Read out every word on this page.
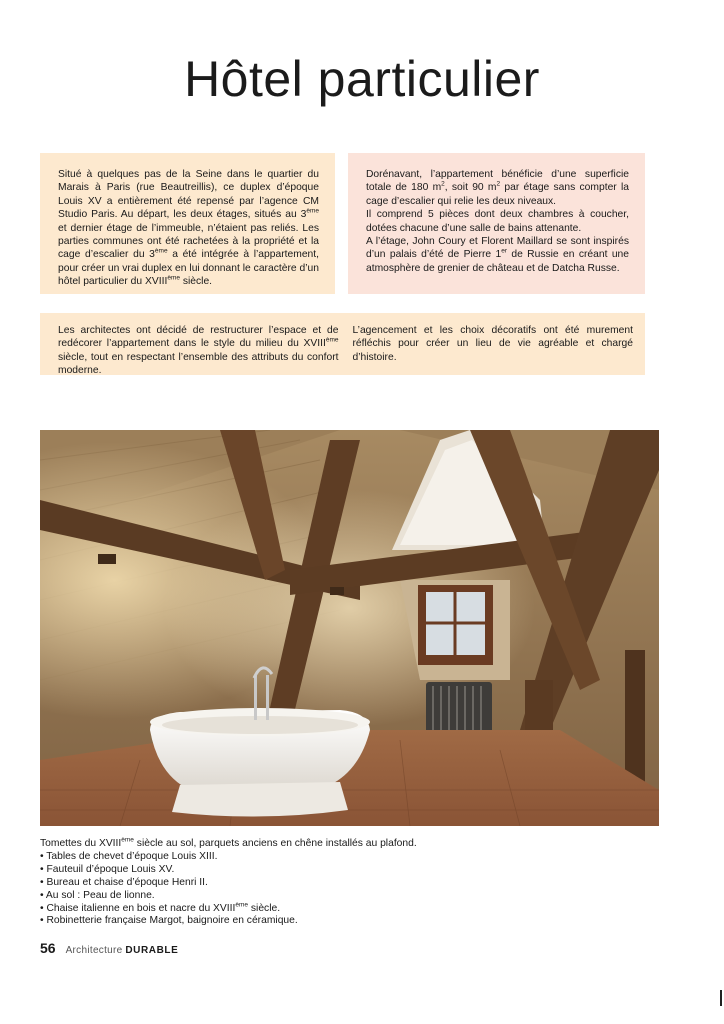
Hôtel particulier

Situé à quelques pas de la Seine dans le quartier du Marais à Paris (rue Beautreillis), ce duplex d’époque Louis XV a entièrement été repensé par l’agence CM Studio Paris. Au départ, les deux étages, situés au 3ème et dernier étage de l’immeuble, n’étaient pas reliés. Les parties communes ont été rachetées à la propriété et la cage d’escalier du 3ème a été intégrée à l’appartement, pour créer un vrai duplex en lui donnant le caractère d’un hôtel particulier du XVIIIème siècle.

Dorénavant, l’appartement bénéficie d’une superficie totale de 180 $m^2$, soit 90 $m^2$ par étage sans compter la cage d’escalier qui relie les deux niveaux.

Il comprend 5 pièces dont deux chambres à coucher, dotées chacune d’une salle de bains attenante.

A l’étage, John Coury et Florent Maillard se sont inspirés d’un palais d’été de Pierre 1er de Russie en créant une atmosphère de grenier de château et de Datcha Russe.

Les architectes ont décidé de restructurer l’espace et de redécorer l’appartement dans le style du milieu du XVIIIème siècle, tout en respectant l’ensemble des attributs du confort moderne.

L’agencement et les choix décoratifs ont été murement réfléchis pour créer un lieu de vie agréable et chargé d’histoire.

Tomettes du XVIIIème siècle au sol, parquets anciens en chêne installés au plafond.
• Tables de chevet d’époque Louis XIII.
• Fauteuil d’époque Louis XV.
• Bureau et chaise d’époque Henri II.
• Au sol : Peau de lionne.
• Chaise italienne en bois et nacre du XVIIIème siècle.
• Robinetterie française Margot, baignoire en céramique.
56 Architecture DURABLE
